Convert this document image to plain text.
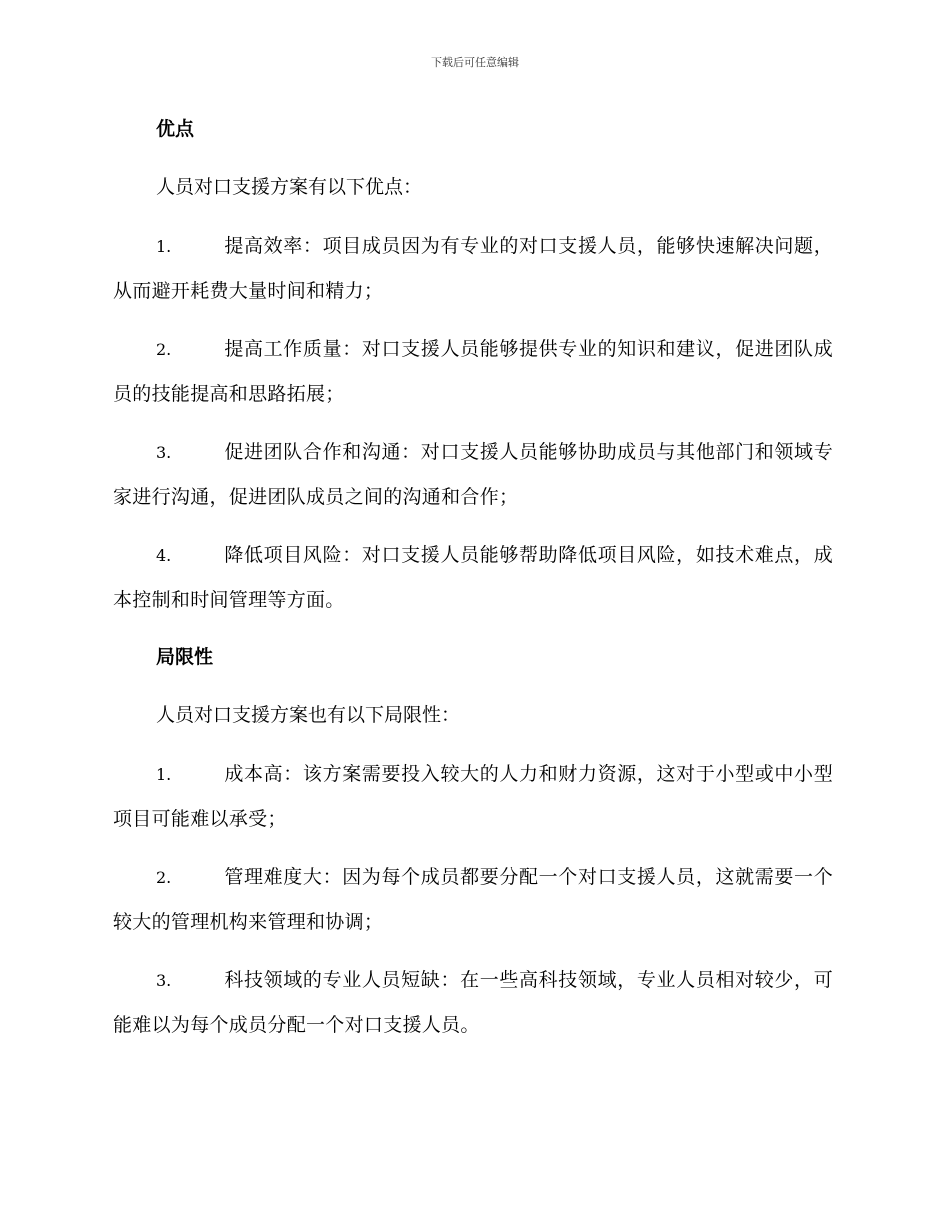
下载后可任意编辑
优点
人员对口支援方案有以下优点：
1.	提高效率：项目成员因为有专业的对口支援人员，能够快速解决问题，从而避开耗费大量时间和精力；
2.	提高工作质量：对口支援人员能够提供专业的知识和建议，促进团队成员的技能提高和思路拓展；
3.	促进团队合作和沟通：对口支援人员能够协助成员与其他部门和领域专家进行沟通，促进团队成员之间的沟通和合作；
4.	降低项目风险：对口支援人员能够帮助降低项目风险，如技术难点，成本控制和时间管理等方面。
局限性
人员对口支援方案也有以下局限性：
1.	成本高：该方案需要投入较大的人力和财力资源，这对于小型或中小型项目可能难以承受；
2.	管理难度大：因为每个成员都要分配一个对口支援人员，这就需要一个较大的管理机构来管理和协调；
3.	科技领域的专业人员短缺：在一些高科技领域，专业人员相对较少，可能难以为每个成员分配一个对口支援人员。
